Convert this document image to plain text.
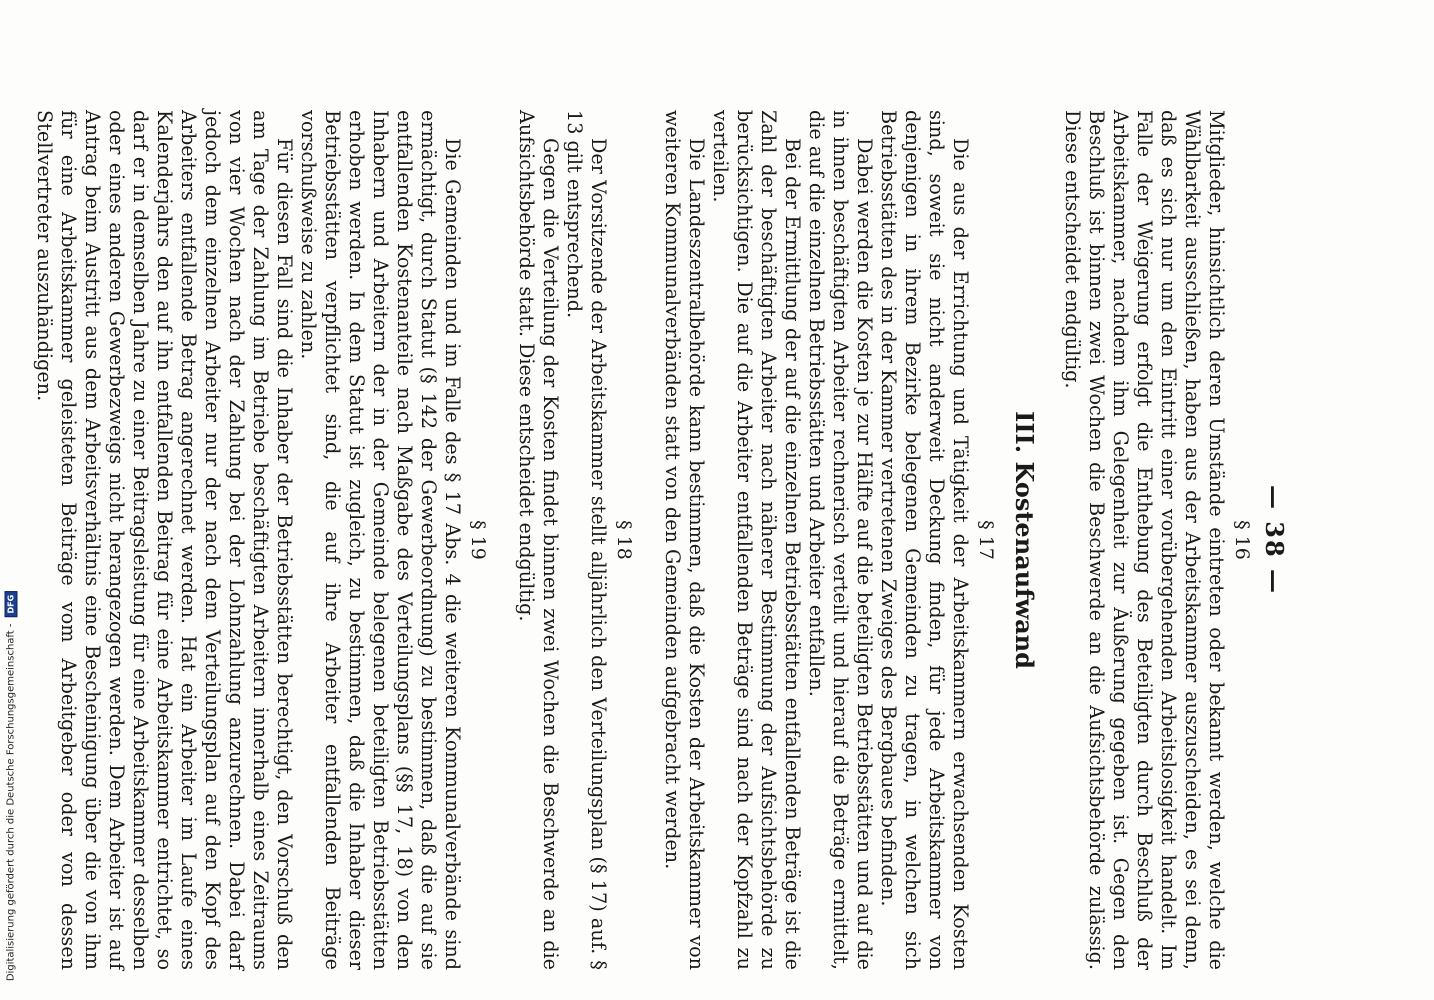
— 38 —
§ 16

Mitglieder, hinsichtlich deren Umstände eintreten oder bekannt werden, welche die Wählbarkeit ausschließen, haben aus der Arbeitskammer auszuscheiden, es sei denn, daß es sich nur um den Eintritt einer vorübergehenden Arbeitslosigkeit handelt. Im Falle der Weigerung erfolgt die Enthebung des Beteiligten durch Beschluß der Arbeitskammer, nachdem ihm Gelegenheit zur Äußerung gegeben ist. Gegen den Beschluß ist binnen zwei Wochen die Beschwerde an die Aufsichtsbehörde zulässig. Diese entscheidet endgültig.

III. Kostenaufwand
§ 17

Die aus der Errichtung und Tätigkeit der Arbeitskammern erwachsenden Kosten sind, soweit sie nicht anderweit Deckung finden, für jede Arbeitskammer von denjenigen in ihrem Bezirke belegenen Gemeinden zu tragen, in welchen sich Betriebsstätten des in der Kammer vertretenen Zweiges des Bergbaues befinden.

Dabei werden die Kosten je zur Hälfte auf die beteiligten Betriebsstätten und auf die in ihnen beschäftigten Arbeiter rechnerisch verteilt und hierauf die Beträge ermittelt, die auf die einzelnen Betriebsstätten und Arbeiter entfallen.

Bei der Ermittlung der auf die einzelnen Betriebsstätten entfallenden Beträge ist die Zahl der beschäftigten Arbeiter nach näherer Bestimmung der Aufsichtsbehörde zu berücksichtigen. Die auf die Arbeiter entfallenden Beträge sind nach der Kopfzahl zu verteilen.

Die Landeszentralbehörde kann bestimmen, daß die Kosten der Arbeitskammer von weiteren Kommunalverbänden statt von den Gemeinden aufgebracht werden.

§ 18

Der Vorsitzende der Arbeitskammer stellt alljährlich den Verteilungsplan (§ 17) auf. § 13 gilt entsprechend.

Gegen die Verteilung der Kosten findet binnen zwei Wochen die Beschwerde an die Aufsichtsbehörde statt. Diese entscheidet endgültig.

§ 19

Die Gemeinden und im Falle des § 17 Abs. 4 die weiteren Kommunalverbände sind ermächtigt, durch Statut (§ 142 der Gewerbeordnung) zu bestimmen, daß die auf sie entfallenden Kostenanteile nach Maßgabe des Verteilungsplans (§§ 17, 18) von den Inhabern und Arbeitern der in der Gemeinde belegenen beteiligten Betriebsstätten erhoben werden. In dem Statut ist zugleich, zu bestimmen, daß die Inhaber dieser Betriebsstätten verpflichtet sind, die auf ihre Arbeiter entfallenden Beiträge vorschußweise zu zahlen.

Für diesen Fall sind die Inhaber der Betriebsstätten berechtigt, den Vorschuß den am Tage der Zahlung im Betriebe beschäftigten Arbeitern innerhalb eines Zeitraums von vier Wochen nach der Zahlung bei der Lohnzahlung anzurechnen. Dabei darf jedoch dem einzelnen Arbeiter nur der nach dem Verteilungsplan auf den Kopf des Arbeiters entfallende Betrag angerechnet werden. Hat ein Arbeiter im Laufe eines Kalenderjahrs den auf ihn entfallenden Beitrag für eine Arbeitskammer entrichtet, so darf er in demselben Jahre zu einer Beitragsleistung für eine Arbeitskammer desselben oder eines anderen Gewerbezweigs nicht herangezogen werden. Dem Arbeiter ist auf Antrag beim Austritt aus dem Arbeitsverhältnis eine Bescheinigung über die von ihm für eine Arbeitskammer geleisteten Beiträge vom Arbeitgeber oder von dessen Stellvertreter auszuhändigen.

Digitalisierung gefördert durch die Deutsche Forschungsgemeinschaft -
DFG
